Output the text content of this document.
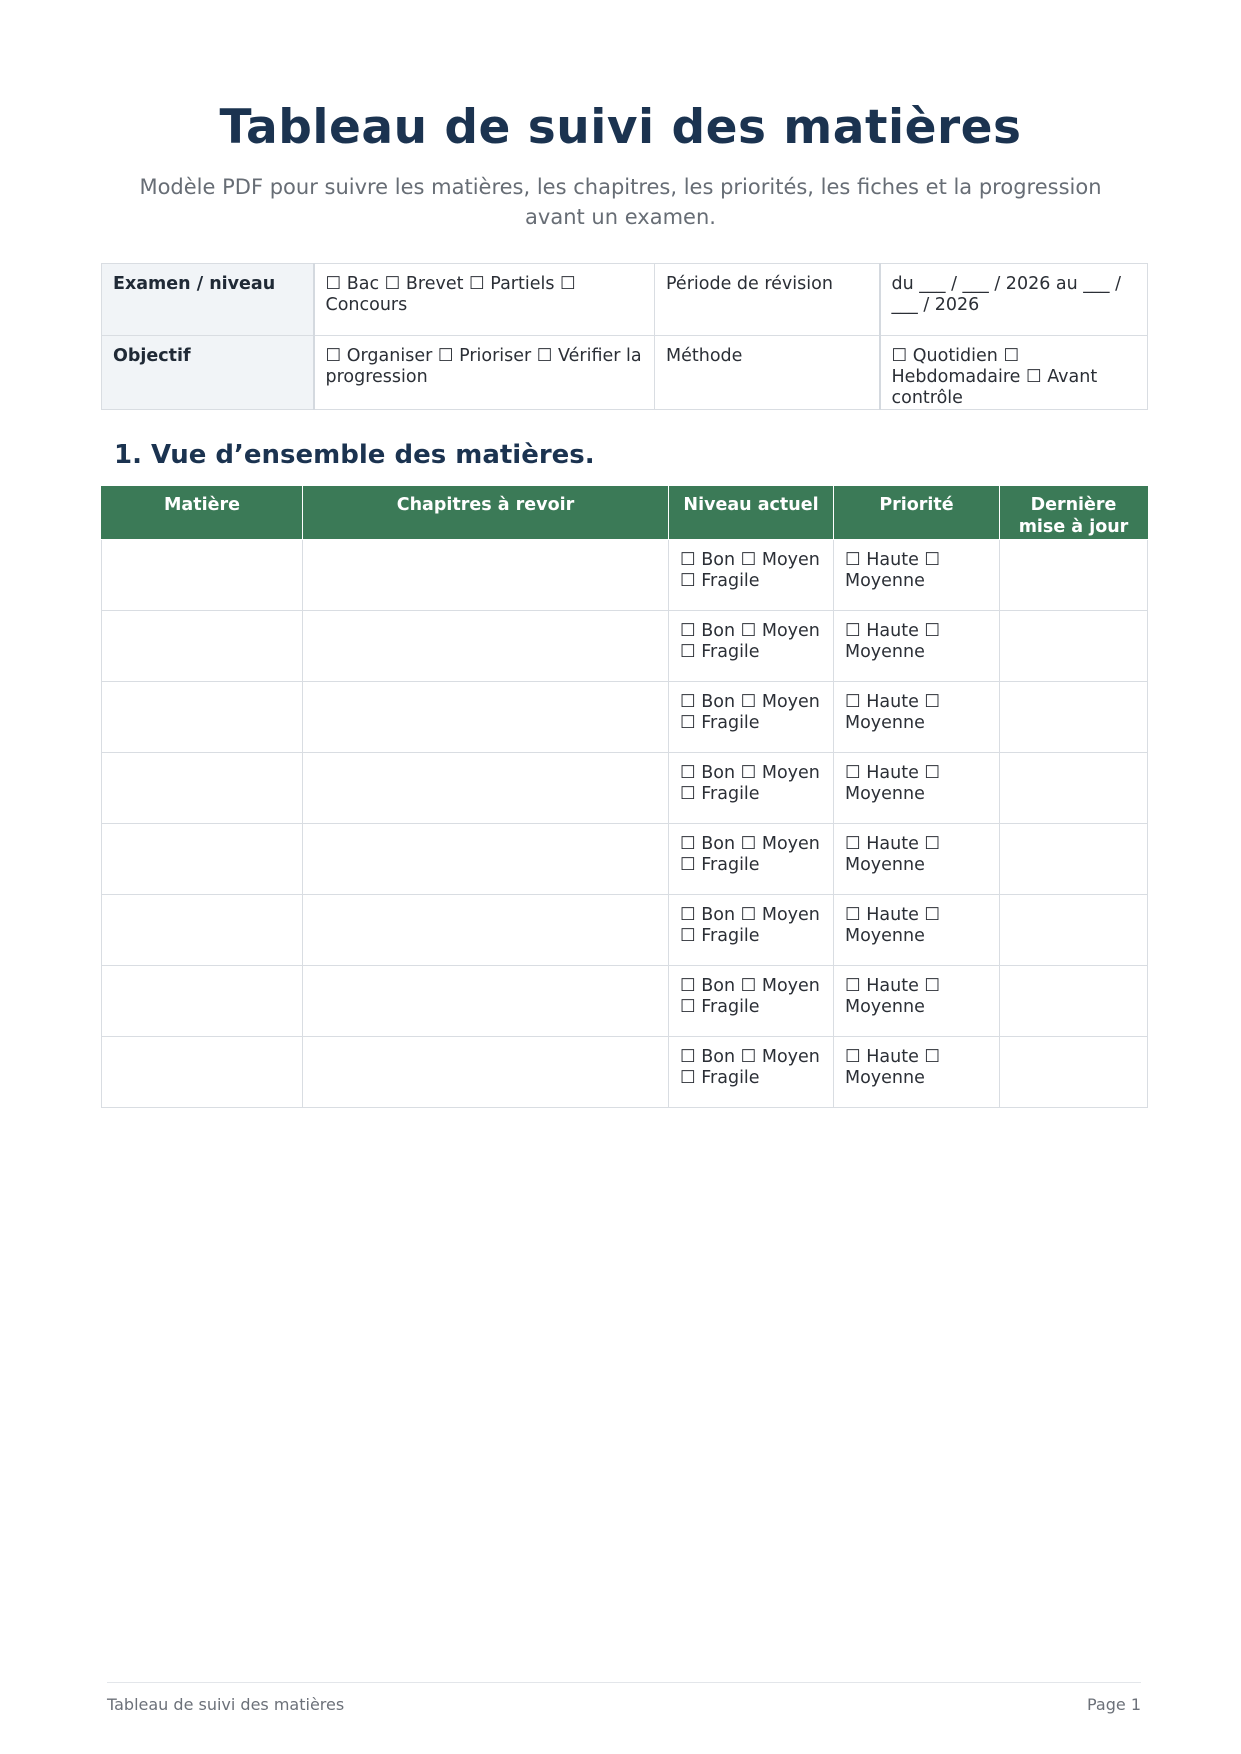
Tableau de suivi des matières
Modèle PDF pour suivre les matières, les chapitres, les priorités, les fiches et la progression avant un examen.
Examen / niveau	☐ Bac ☐ Brevet ☐ Partiels ☐ Concours	Période de révision	du ___ / ___ / 2026 au ___ / ___ / 2026
Objectif	☐ Organiser ☐ Prioriser ☐ Vérifier la progression	Méthode	☐ Quotidien ☐ Hebdomadaire ☐ Avant contrôle
1. Vue d’ensemble des matières.
Matière	Chapitres à revoir	Niveau actuel	Priorité	Dernière mise à jour
		☐ Bon ☐ Moyen ☐ Fragile	☐ Haute ☐ Moyenne	
		☐ Bon ☐ Moyen ☐ Fragile	☐ Haute ☐ Moyenne	
		☐ Bon ☐ Moyen ☐ Fragile	☐ Haute ☐ Moyenne	
		☐ Bon ☐ Moyen ☐ Fragile	☐ Haute ☐ Moyenne	
		☐ Bon ☐ Moyen ☐ Fragile	☐ Haute ☐ Moyenne	
		☐ Bon ☐ Moyen ☐ Fragile	☐ Haute ☐ Moyenne	
		☐ Bon ☐ Moyen ☐ Fragile	☐ Haute ☐ Moyenne	
		☐ Bon ☐ Moyen ☐ Fragile	☐ Haute ☐ Moyenne	
Tableau de suivi des matières	Page 1
